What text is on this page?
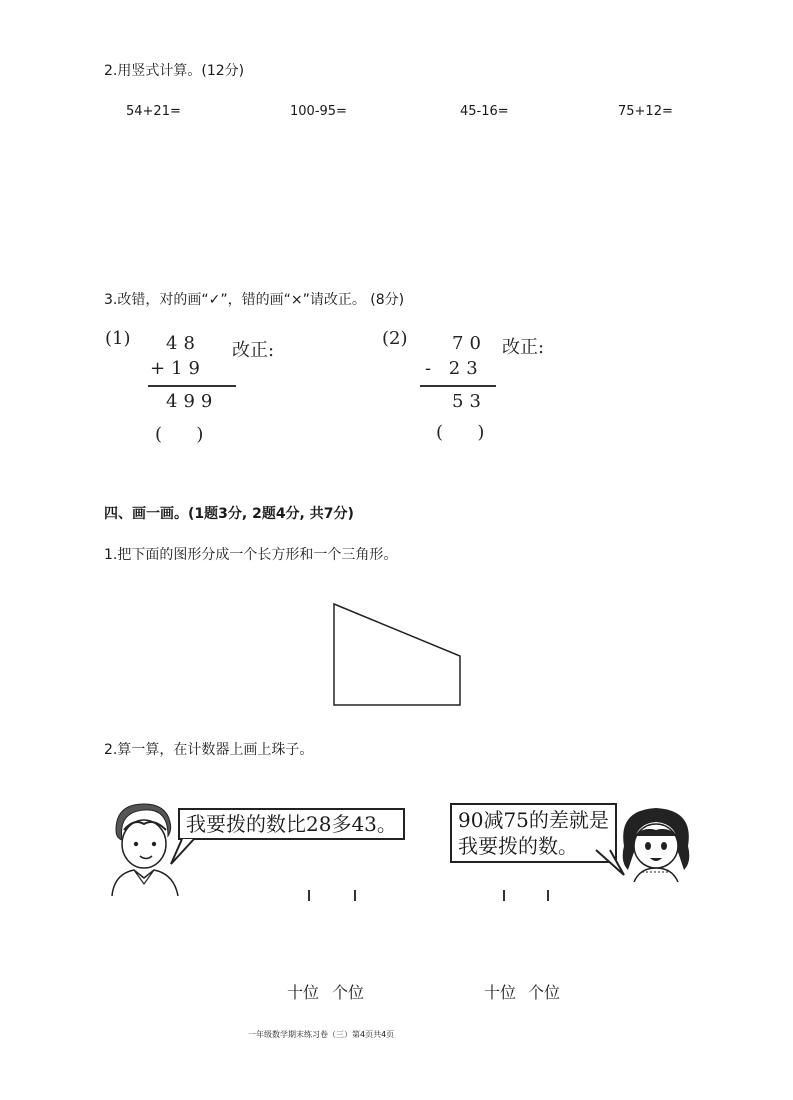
2.用竖式计算。(12分)
54+21=	100-95=	45-16=	75+12=
3.改错，对的画“✓”，错的画“×”请改正。 (8分)
(1) 48
+19
499
改正:
(      )
(2) 70
- 23
53
改正:
(      )
四、画一画。(1题3分, 2题4分, 共7分)
1.把下面的图形分成一个长方形和一个三角形。
2.算一算，在计数器上画上珠子。
我要拨的数比28多43。
十位 个位
90减75的差就是
我要拨的数。
十位 个位
一年级数学期末练习卷（三）第4页共4页
